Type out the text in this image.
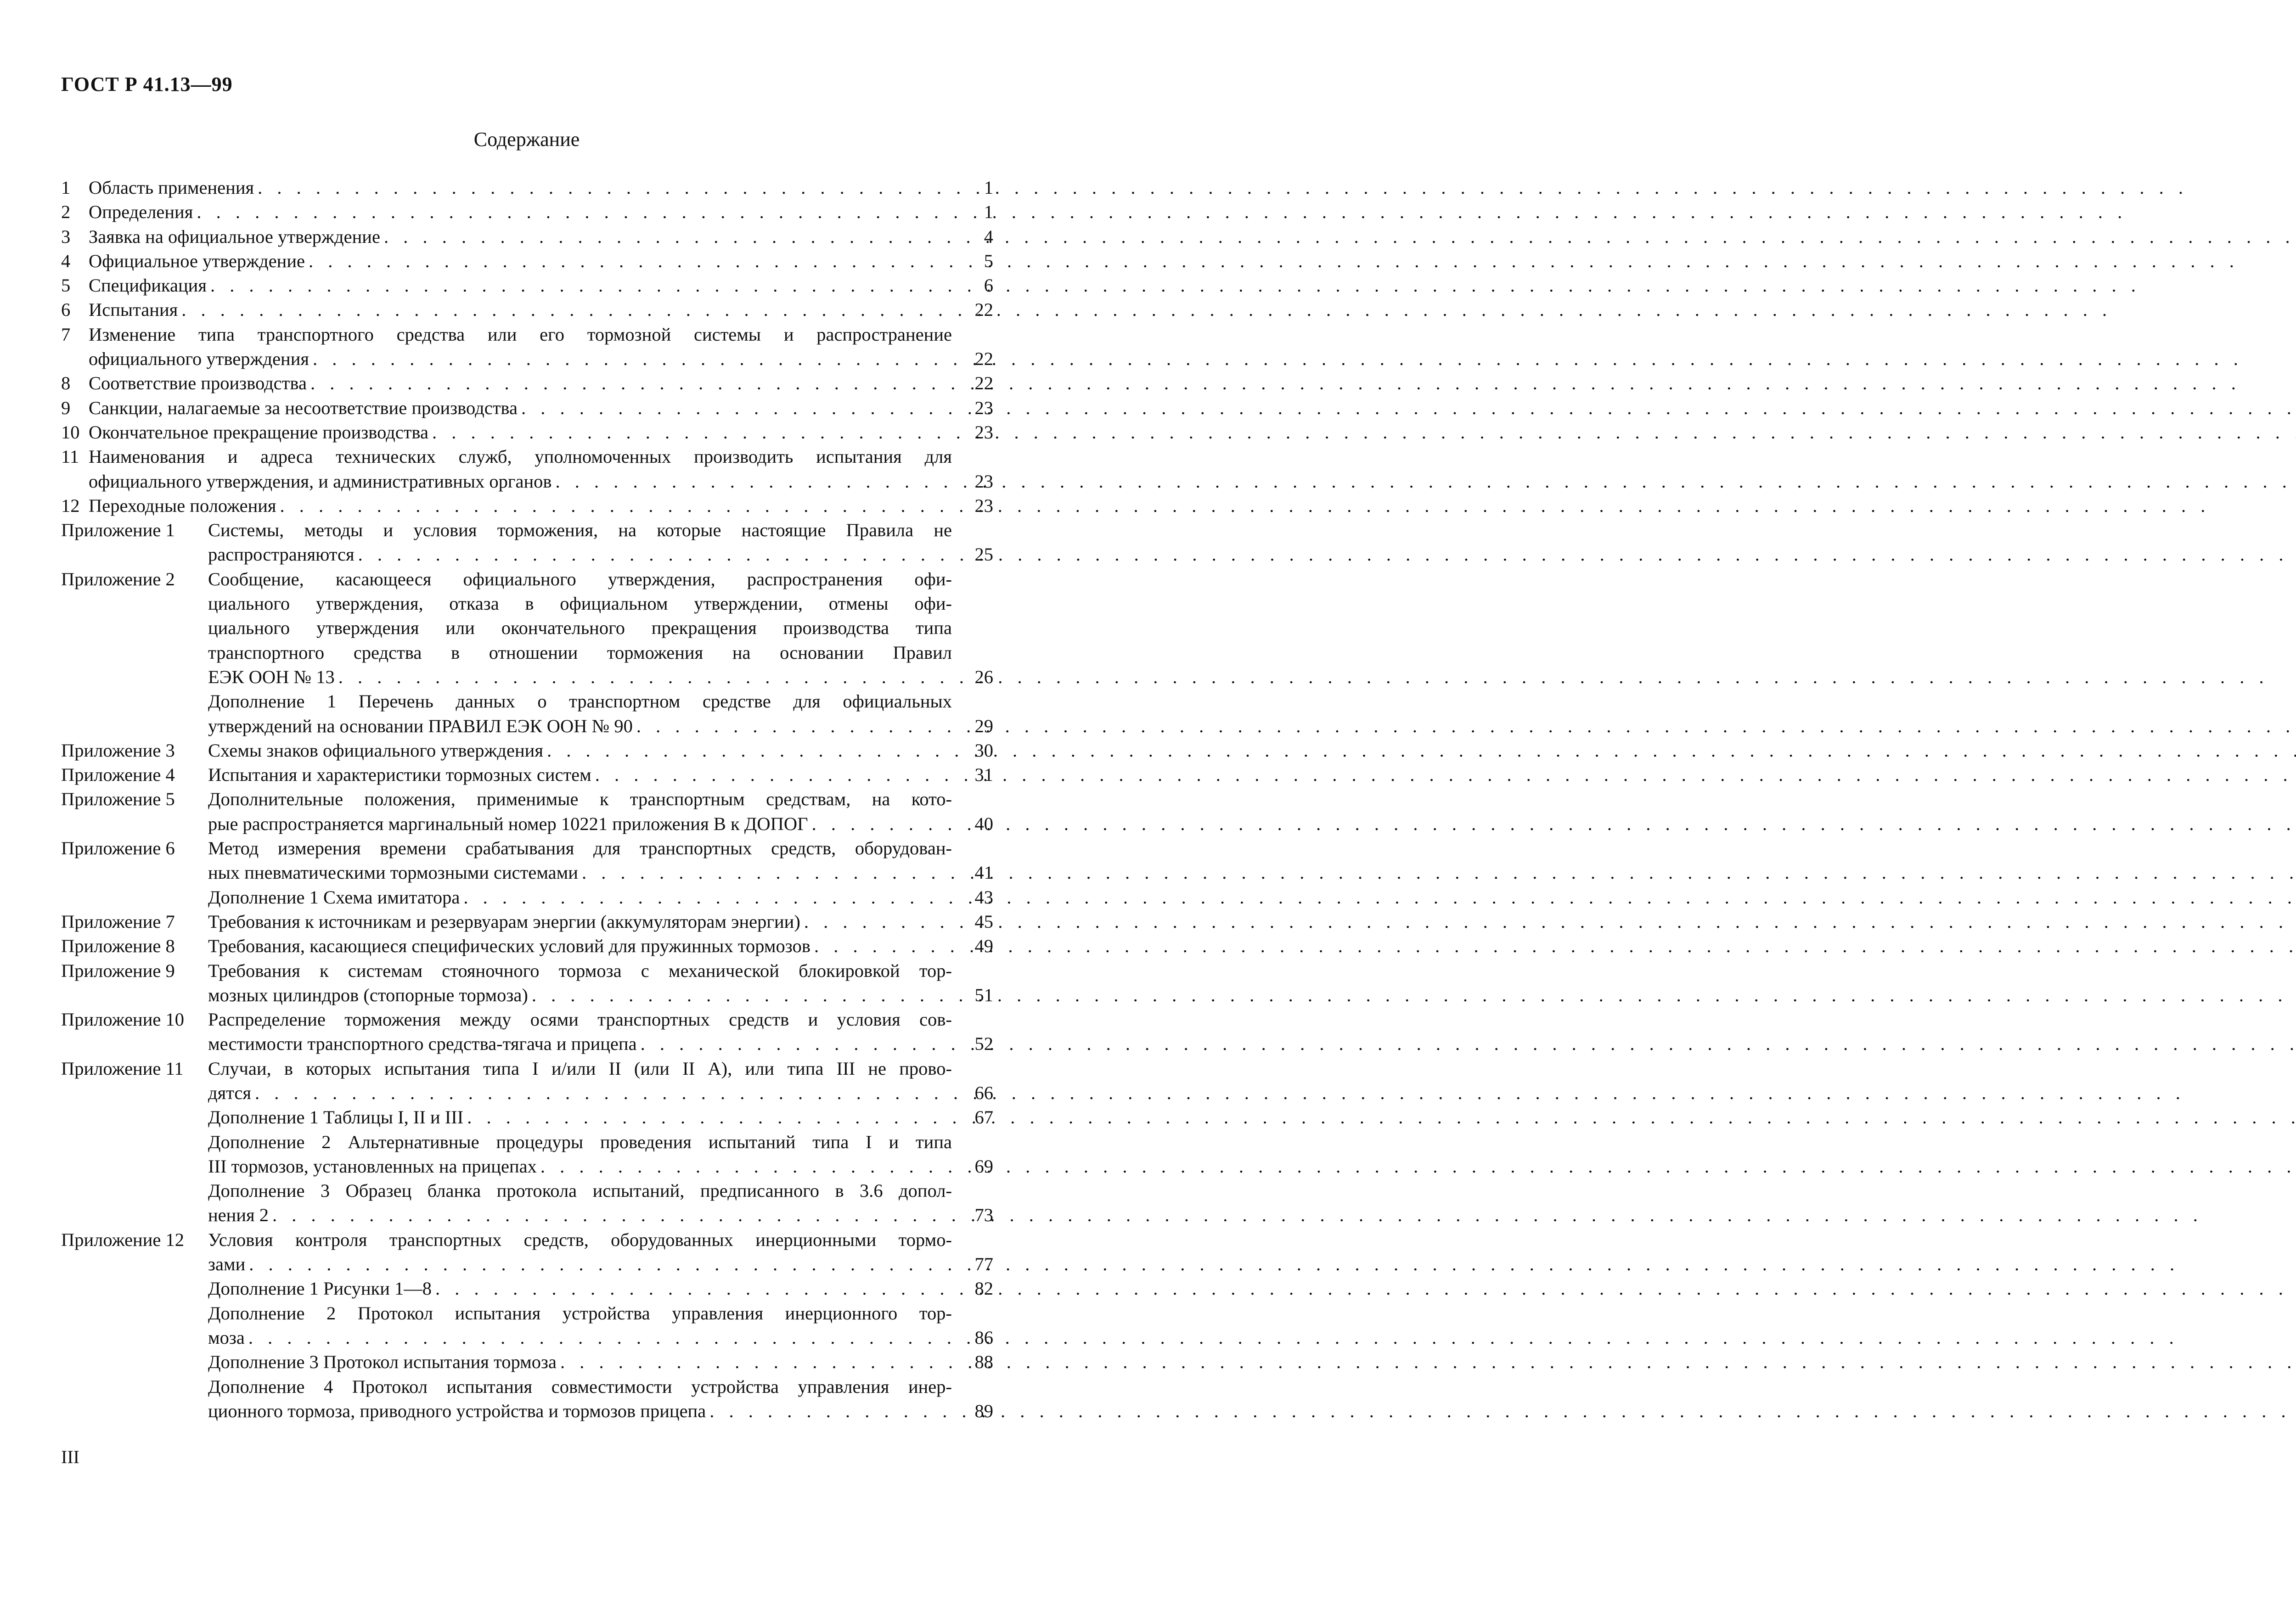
ГОСТ Р 41.13—99
Содержание
1 Область применения . . .	1
2 Определения . . .	1
3 Заявка на официальное утверждение . . .	4
4 Официальное утверждение . . .	5
5 Спецификация . . .	6
6 Испытания . . .	22
7 Изменение типа транспортного средства или его тормозной системы и распространение
официального утверждения . . .	22
8 Соответствие производства . . .	22
9 Санкции, налагаемые за несоответствие производства . . .	23
10 Окончательное прекращение производства . . .	23
11 Наименования и адреса технических служб, уполномоченных производить испытания для
официального утверждения, и административных органов . . .	23
12 Переходные положения . . .	23
Приложение 1	Системы, методы и условия торможения, на которые настоящие Правила не
распространяются . . .	25
Приложение 2	Сообщение, касающееся официального утверждения, распространения офи-
циального утверждения, отказа в официальном утверждении, отмены офи-
циального утверждения или окончательного прекращения производства типа
транспортного средства в отношении торможения на основании Правил
ЕЭК ООН № 13 . . .	26
Дополнение 1 Перечень данных о транспортном средстве для официальных
утверждений на основании ПРАВИЛ ЕЭК ООН № 90 . . .	29
Приложение 3	Схемы знаков официального утверждения . . .	30
Приложение 4	Испытания и характеристики тормозных систем . . .	31
Приложение 5	Дополнительные положения, применимые к транспортным средствам, на кото-
рые распространяется маргинальный номер 10221 приложения В к ДОПОГ . . .	40
Приложение 6	Метод измерения времени срабатывания для транспортных средств, оборудован-
ных пневматическими тормозными системами . . .	41
Дополнение 1 Схема имитатора . . .	43
Приложение 7	Требования к источникам и резервуарам энергии (аккумуляторам энергии) . . .	45
Приложение 8	Требования, касающиеся специфических условий для пружинных тормозов . . .	49
Приложение 9	Требования к системам стояночного тормоза с механической блокировкой тор-
мозных цилиндров (стопорные тормоза) . . .	51
Приложение 10	Распределение торможения между осями транспортных средств и условия сов-
местимости транспортного средства-тягача и прицепа . . .	52
Приложение 11	Случаи, в которых испытания типа I и/или II (или II А), или типа III не прово-
дятся . . .	66
Дополнение 1 Таблицы I, II и III . . .	67
Дополнение 2 Альтернативные процедуры проведения испытаний типа I и типа
III тормозов, установленных на прицепах . . .	69
Дополнение 3 Образец бланка протокола испытаний, предписанного в 3.6 допол-
нения 2 . . .	73
Приложение 12	Условия контроля транспортных средств, оборудованных инерционными тормо-
зами . . .	77
Дополнение 1 Рисунки 1—8 . . .	82
Дополнение 2 Протокол испытания устройства управления инерционного тор-
моза . . .	86
Дополнение 3 Протокол испытания тормоза . . .	88
Дополнение 4 Протокол испытания совместимости устройства управления инер-
ционного тормоза, приводного устройства и тормозов прицепа . . .	89
III
